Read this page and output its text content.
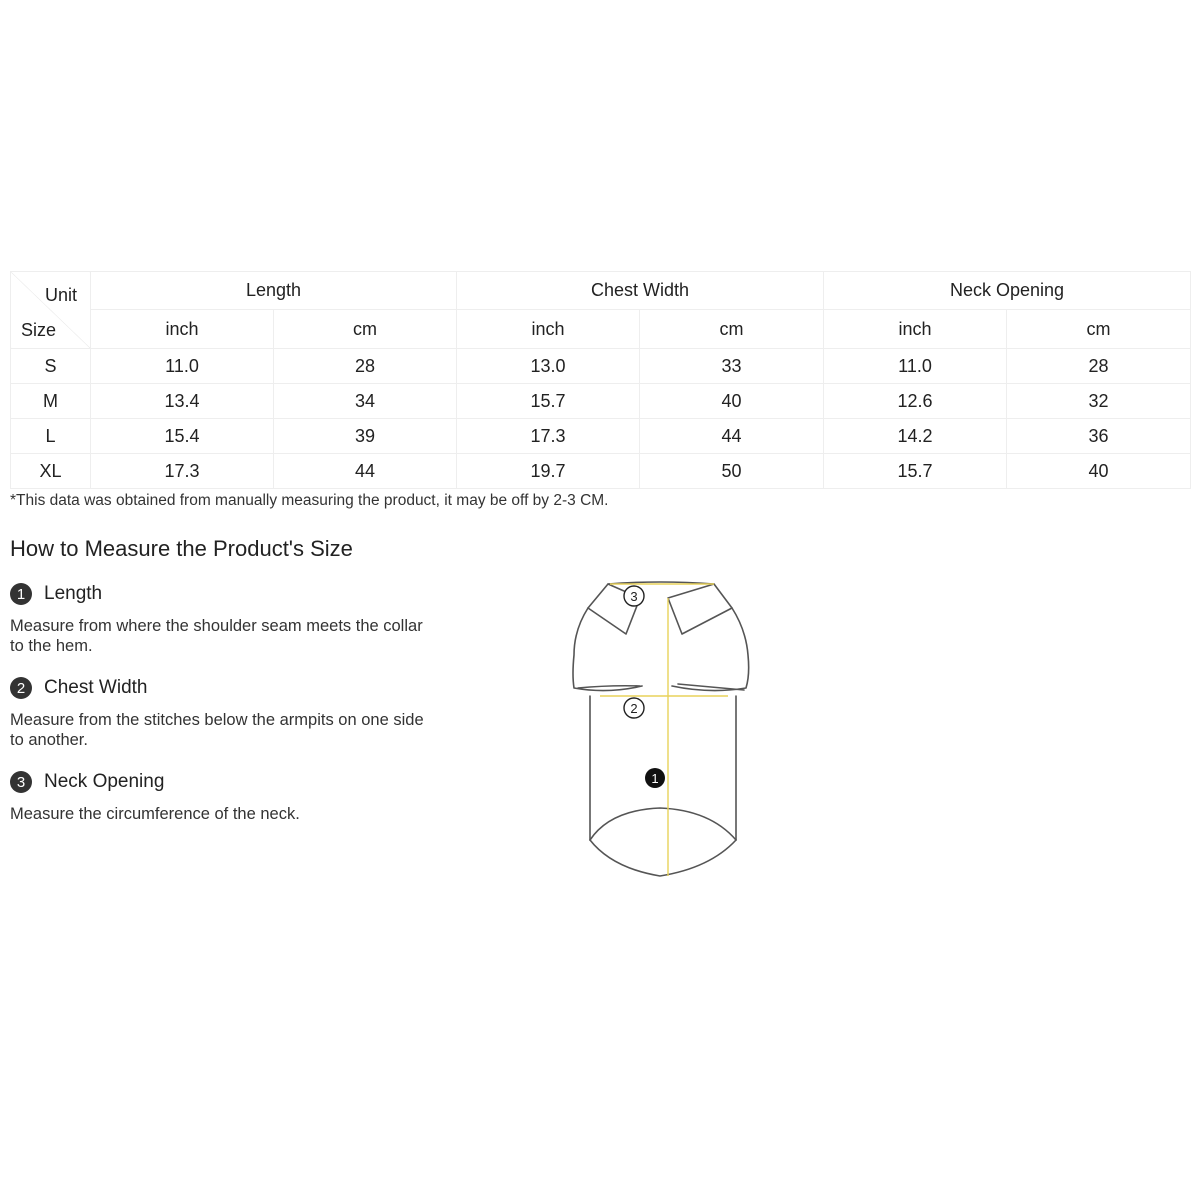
Unit
Size	Length		Chest Width		Neck Opening	
	inch	cm	inch	cm	inch	cm
S	11.0	28	13.0	33	11.0	28
M	13.4	34	15.7	40	12.6	32
L	15.4	39	17.3	44	14.2	36
XL	17.3	44	19.7	50	15.7	40
*This data was obtained from manually measuring the product, it may be off by 2-3 CM.
How to Measure the Product's Size
1 Length
Measure from where the shoulder seam meets the collar to the hem.
2 Chest Width
Measure from the stitches below the armpits on one side to another.
3 Neck Opening
Measure the circumference of the neck.
3
2
1
